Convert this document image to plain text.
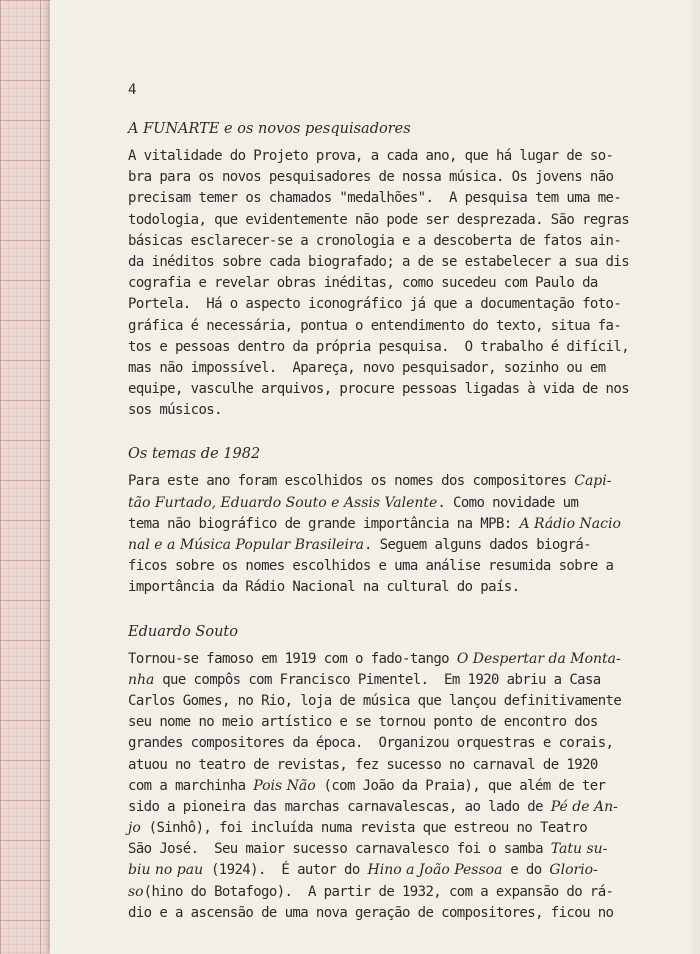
4
A FUNARTE e os novos pesquisadores
A vitalidade do Projeto prova, a cada ano, que há lugar de so-
bra para os novos pesquisadores de nossa música. Os jovens não
precisam temer os chamados "medalhões".  A pesquisa tem uma me-
todologia, que evidentemente não pode ser desprezada. São regras
básicas esclarecer-se a cronologia e a descoberta de fatos ain-
da inéditos sobre cada biografado; a de se estabelecer a sua dis
cografia e revelar obras inéditas, como sucedeu com Paulo da
Portela.  Há o aspecto iconográfico já que a documentação foto-
gráfica é necessária, pontua o entendimento do texto, situa fa-
tos e pessoas dentro da própria pesquisa.  O trabalho é difícil,
mas não impossível.  Apareça, novo pesquisador, sozinho ou em
equipe, vasculhe arquivos, procure pessoas ligadas à vida de nos
sos músicos.
Os temas de 1982
Para este ano foram escolhidos os nomes dos compositores Capi-
tão Furtado, Eduardo Souto e Assis Valente. Como novidade um
tema não biográfico de grande importância na MPB: A Rádio Nacio
nal e a Música Popular Brasileira. Seguem alguns dados biográ-
ficos sobre os nomes escolhidos e uma análise resumida sobre a
importância da Rádio Nacional na cultural do país.
Eduardo Souto
Tornou-se famoso em 1919 com o fado-tango O Despertar da Monta-
nha que compôs com Francisco Pimentel.  Em 1920 abriu a Casa
Carlos Gomes, no Rio, loja de música que lançou definitivamente
seu nome no meio artístico e se tornou ponto de encontro dos
grandes compositores da época.  Organizou orquestras e corais,
atuou no teatro de revistas, fez sucesso no carnaval de 1920
com a marchinha Pois Não (com João da Praia), que além de ter
sido a pioneira das marchas carnavalescas, ao lado de Pé de An-
jo (Sinhô), foi incluída numa revista que estreou no Teatro
São José.  Seu maior sucesso carnavalesco foi o samba Tatu su-
biu no pau (1924).  É autor do Hino a João Pessoa e do Glorio-
so(hino do Botafogo).  A partir de 1932, com a expansão do rá-
dio e a ascensão de uma nova geração de compositores, ficou no
